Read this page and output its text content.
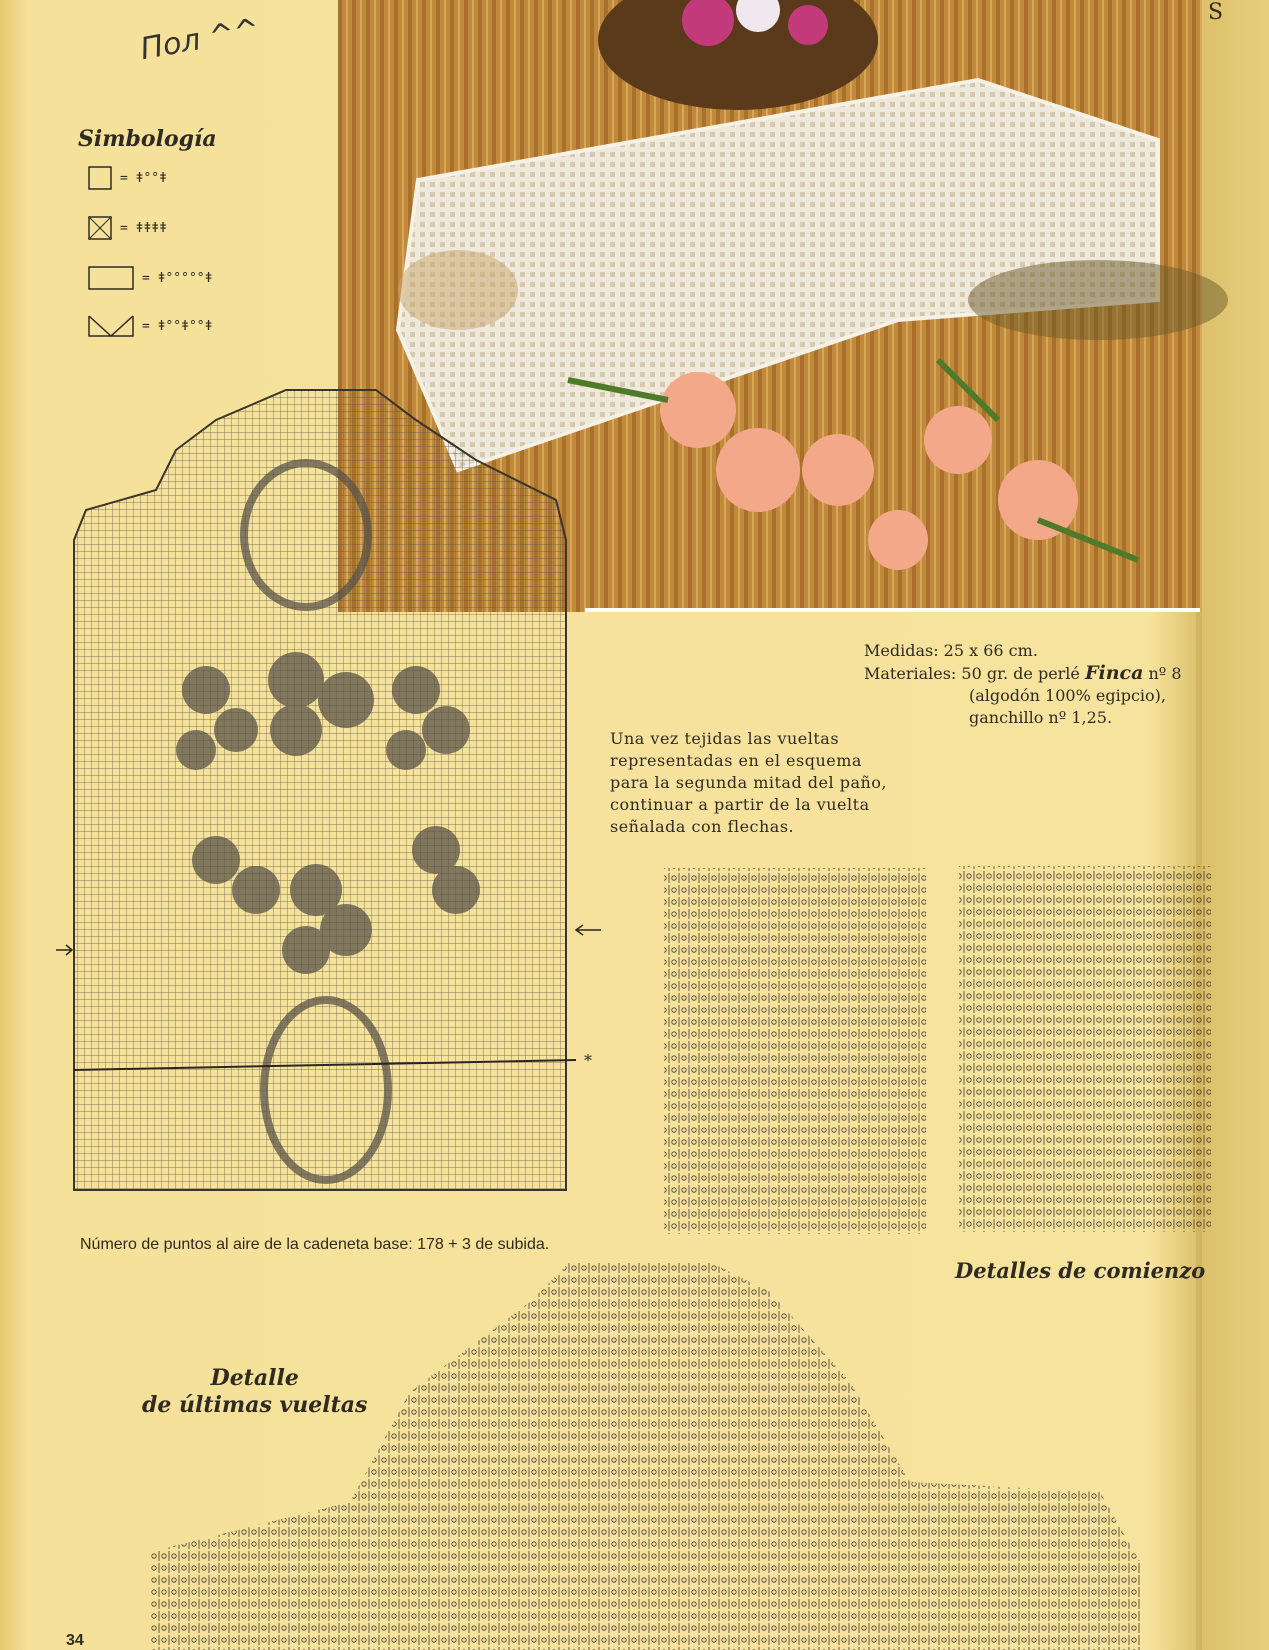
Пол ^^
Simbología
= ǂ°°ǂ
= ǂǂǂǂ
= ǂ°°°°°ǂ
= ǂ°°ǂ°°ǂ
*
Medidas: 25 x 66 cm.
Materiales: 50 gr. de perlé Finca nº 8
(algodón 100% egipcio),
ganchillo nº 1,25.
Una vez tejidas las vueltas representadas en el esquema para la segunda mitad del paño, continuar a partir de la vuelta señalada con flechas.
Número de puntos al aire de la cadeneta base: 178 + 3 de subida.
Detalles de comienzo
Detalle
de últimas vueltas
34
S
